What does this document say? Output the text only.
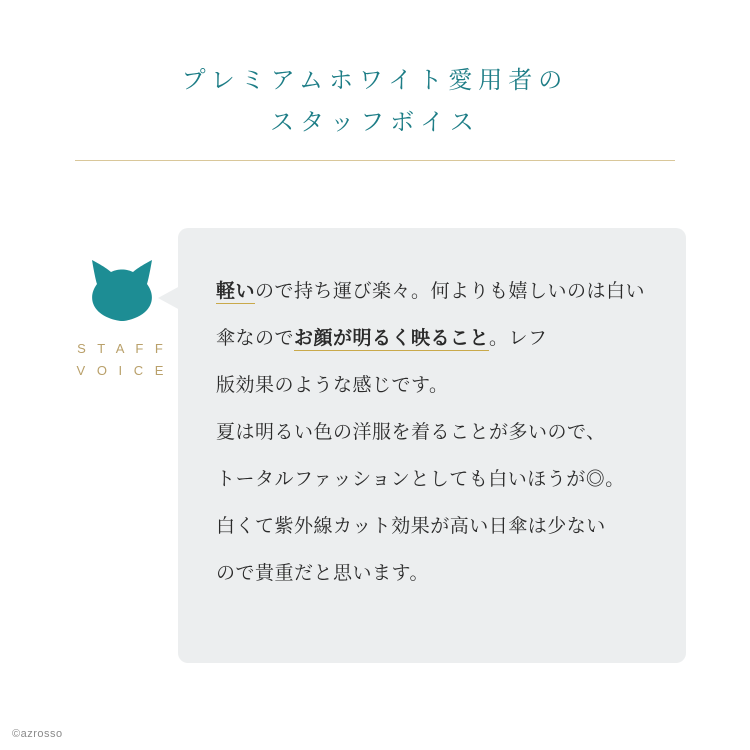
プレミアムホワイト愛用者の
スタッフボイス
S T A F F
V O I C E

軽いので持ち運び楽々。何よりも嬉しいのは白い傘なのでお顔が明るく映ること。レフ

版効果のような感じです。

夏は明るい色の洋服を着ることが多いので、

トータルファッションとしても白いほうが◎。

白くて紫外線カット効果が高い日傘は少ない

ので貴重だと思います。

©azrosso
